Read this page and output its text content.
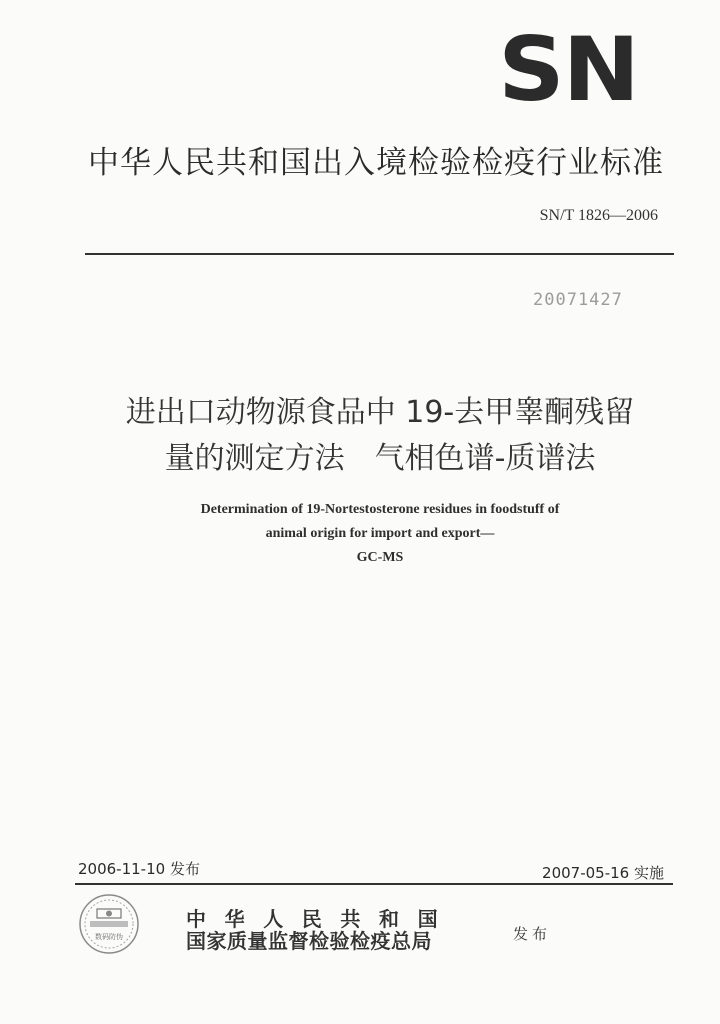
SN
中华人民共和国出入境检验检疫行业标准
SN/T 1826—2006
20071427
进出口动物源食品中 19-去甲睾酮残留
量的测定方法　气相色谱-质谱法
Determination of 19-Nortestosterone residues in foodstuff of
animal origin for import and export—
GC-MS
2006-11-10 发布	2007-05-16 实施
数码防伪
中华人民共和国
国家质量监督检验检疫总局	发布
